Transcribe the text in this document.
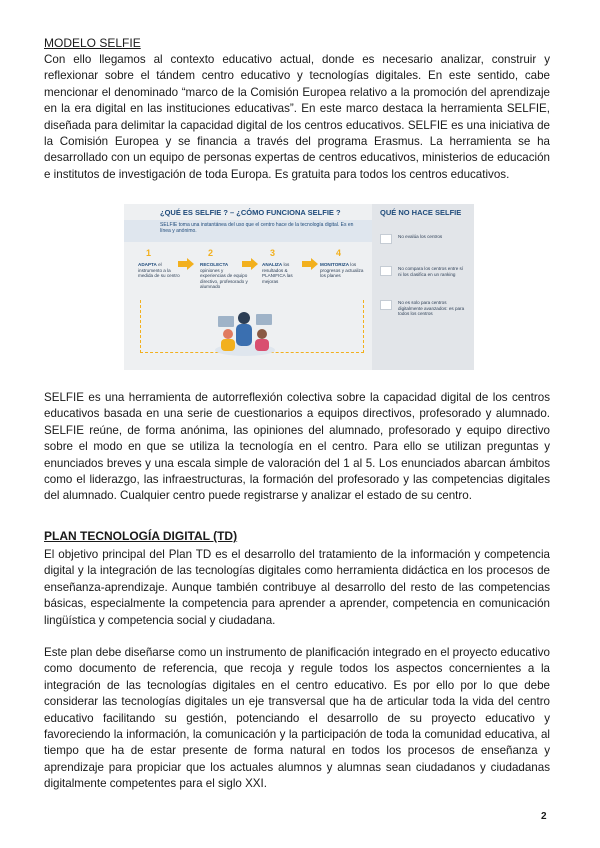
MODELO SELFIE

Con ello llegamos al contexto educativo actual, donde es necesario analizar, construir y reflexionar sobre el tándem centro educativo y tecnologías digitales. En este sentido, cabe mencionar el denominado “marco de la Comisión Europea relativo a la promoción del aprendizaje en la era digital en las instituciones educativas”. En este marco destaca la herramienta SELFIE, diseñada para delimitar la capacidad digital de los centros educativos. SELFIE es una iniciativa de la Comisión Europea y se financia a través del programa Erasmus. La herramienta se ha desarrollado con un equipo de personas expertas de centros educativos, ministerios de educación e institutos de investigación de toda Europa. Es gratuita para todos los centros educativos.

¿QUÉ ES SELFIE ? – ¿CÓMO FUNCIONA SELFIE ?	QUÉ NO HACE SELFIE
SELFIE toma una instantánea del uso que el centro hace de la tecnología digital. Es en línea y anónimo.
1
ADAPTA el instrumento a la medida de su centro
2
RECOLECTA opiniones y experiencias de equipo directivo, profesorado y alumnado
3
ANALIZA los resultados & PLANIFICA las mejoras
4
MONITORIZA los progresos y actualiza los planes
No evalúa los centros
No compara los centros entre sí ni los clasifica en un ranking
No es solo para centros digitalmente avanzados: es para todos los centros

SELFIE es una herramienta de autorreflexión colectiva sobre la capacidad digital de los centros educativos basada en una serie de cuestionarios a equipos directivos, profesorado y alumnado. SELFIE reúne, de forma anónima, las opiniones del alumnado, profesorado y equipo directivo sobre el modo en que se utiliza la tecnología en el centro. Para ello se utilizan preguntas y enunciados breves y una escala simple de valoración del 1 al 5. Los enunciados abarcan ámbitos como el liderazgo, las infraestructuras, la formación del profesorado y las competencias digitales del alumnado. Cualquier centro puede registrarse y analizar el estado de su centro.

PLAN TECNOLOGÍA DIGITAL (TD)

El objetivo principal del Plan TD es el desarrollo del tratamiento de la información y competencia digital y la integración de las tecnologías digitales como herramienta didáctica en los procesos de enseñanza-aprendizaje. Aunque también contribuye al desarrollo del resto de las competencias básicas, especialmente la competencia para aprender a aprender, competencia en comunicación lingüística y competencia social y ciudadana.

Este plan debe diseñarse como un instrumento de planificación integrado en el proyecto educativo como documento de referencia, que recoja y regule todos los aspectos concernientes a la integración de las tecnologías digitales en el centro educativo. Es por ello por lo que debe considerar las tecnologías digitales un eje transversal que ha de articular toda la vida del centro educativo facilitando su gestión, potenciando el desarrollo de su proyecto educativo y favoreciendo la información, la comunicación y la participación de toda la comunidad educativa, al tiempo que ha de estar presente de forma natural en todos los procesos de enseñanza y aprendizaje para propiciar que los actuales alumnos y alumnas sean ciudadanos y ciudadanas digitalmente competentes para el siglo XXI.

2
